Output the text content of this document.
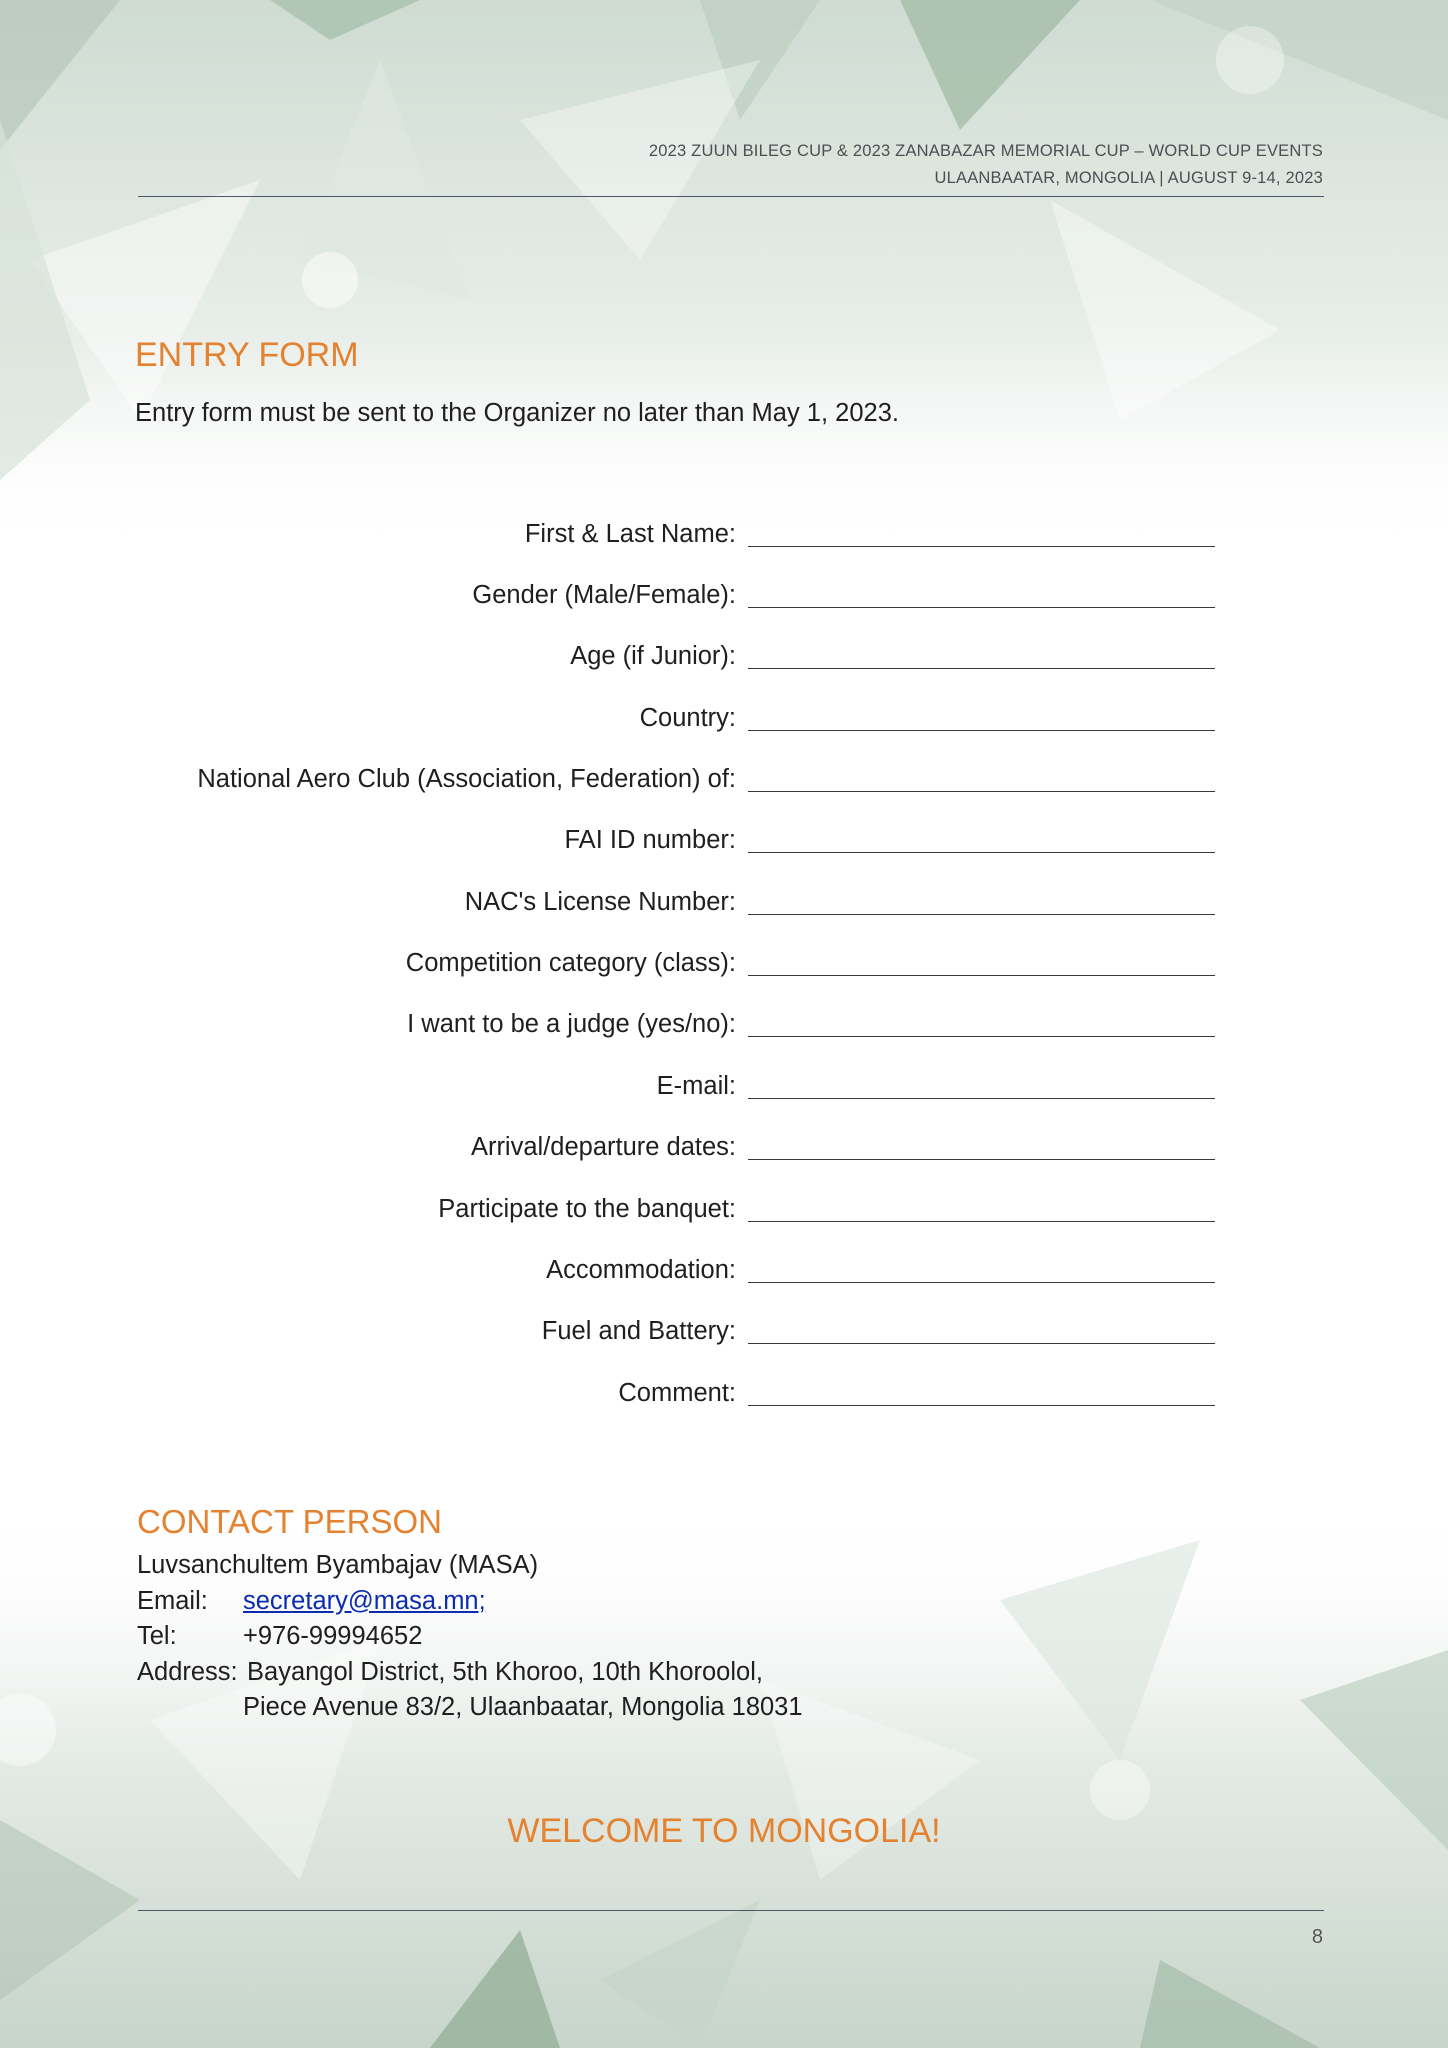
2023 ZUUN BILEG CUP & 2023 ZANABAZAR MEMORIAL CUP – WORLD CUP EVENTS
ULAANBAATAR, MONGOLIA | AUGUST 9-14, 2023
ENTRY FORM
Entry form must be sent to the Organizer no later than May 1, 2023.
First & Last Name:
Gender (Male/Female):
Age (if Junior):
Country:
National Aero Club (Association, Federation) of:
FAI ID number:
NAC's License Number:
Competition category (class):
I want to be a judge (yes/no):
E-mail:
Arrival/departure dates:
Participate to the banquet:
Accommodation:
Fuel and Battery:
Comment:
CONTACT PERSON
Luvsanchultem Byambajav (MASA)
Email: secretary@masa.mn;
Tel:	+976-99994652
Address: Bayangol District, 5th Khoroo, 10th Khoroolol,
Piece Avenue 83/2, Ulaanbaatar, Mongolia 18031
WELCOME TO MONGOLIA!
8
